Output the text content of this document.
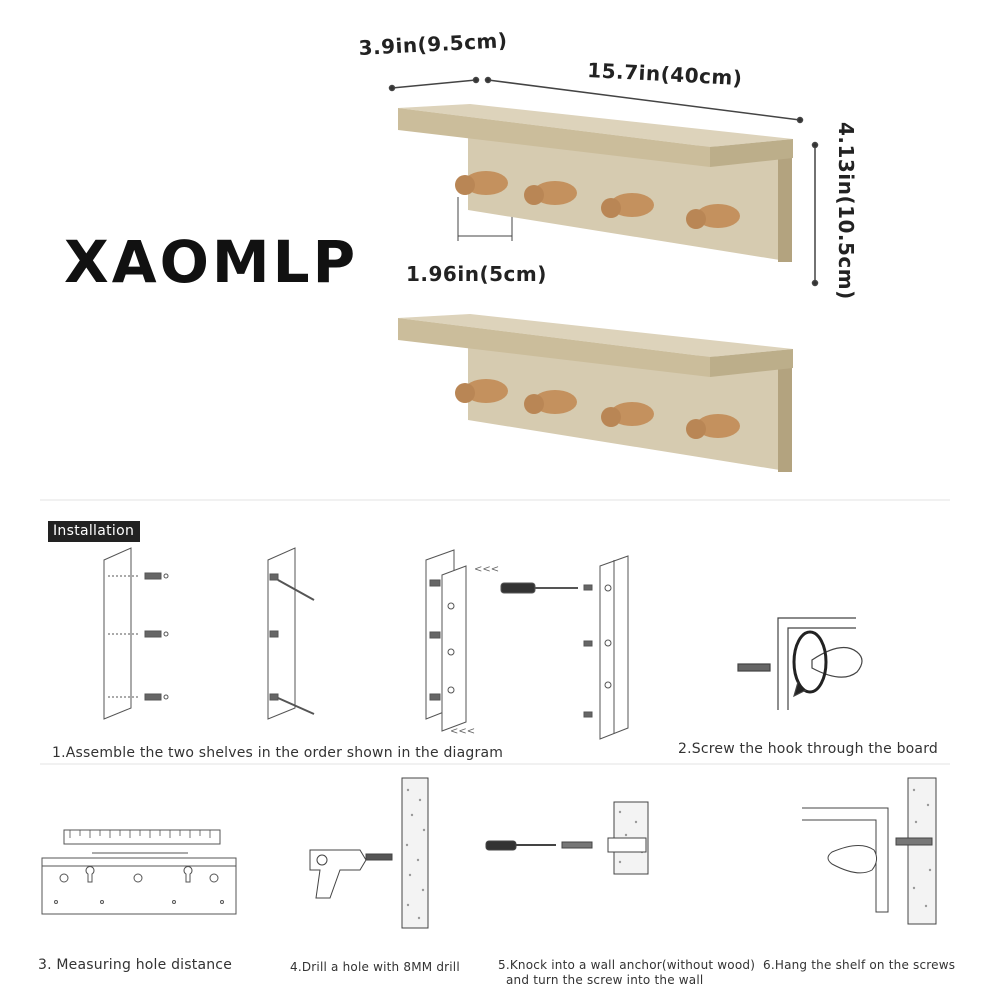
<<<
<<<
XAOMLP
3.9in(9.5cm)
15.7in(40cm)
4.13in(10.5cm)
1.96in(5cm)
Installation
1.Assemble the two shelves in the order shown in the diagram	2.Screw the hook through the board
3. Measuring hole distance	4.Drill a hole with 8MM drill	5.Knock into a wall anchor(without wood)
and turn the screw into the wall
6.Hang the shelf on the screws
